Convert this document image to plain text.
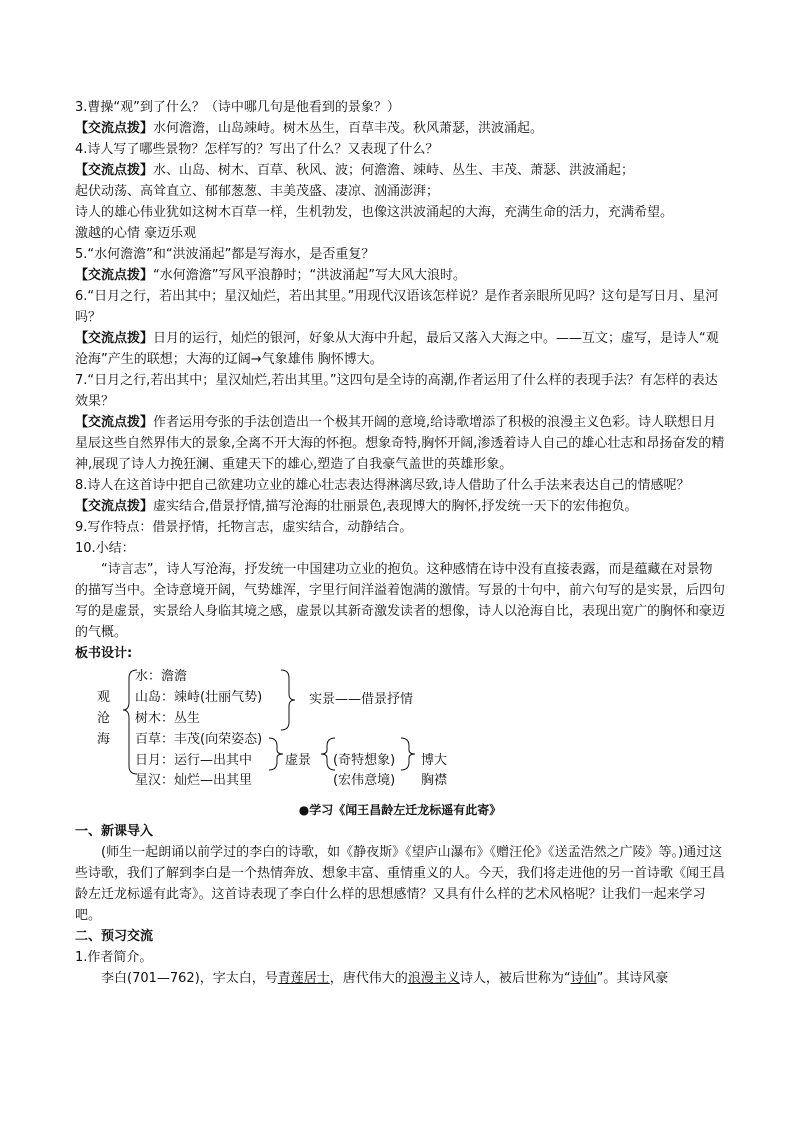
3.曹操“观”到了什么？（诗中哪几句是他看到的景象？）

【交流点拨】水何澹澹，山岛竦峙。树木丛生，百草丰茂。秋风萧瑟，洪波涌起。

4.诗人写了哪些景物？怎样写的？写出了什么？又表现了什么？

【交流点拨】水、山岛、树木、百草、秋风、波；何澹澹、竦峙、丛生、丰茂、萧瑟、洪波涌起；

起伏动荡、高耸直立、郁郁葱葱、丰美茂盛、凄凉、汹涌澎湃；

诗人的雄心伟业犹如这树木百草一样，生机勃发，也像这洪波涌起的大海，充满生命的活力，充满希望。

激越的心情 豪迈乐观

5.“水何澹澹”和“洪波涌起”都是写海水，是否重复？

【交流点拨】“水何澹澹”写风平浪静时；“洪波涌起”写大风大浪时。

6.“日月之行，若出其中；星汉灿烂，若出其里。”用现代汉语该怎样说？是作者亲眼所见吗？这句是写日月、星河吗？

【交流点拨】日月的运行，灿烂的银河，好象从大海中升起，最后又落入大海之中。——互文；虚写，是诗人“观沧海”产生的联想；大海的辽阔→气象雄伟 胸怀博大。

7.“日月之行,若出其中；星汉灿烂,若出其里。”这四句是全诗的高潮,作者运用了什么样的表现手法？有怎样的表达效果？

【交流点拨】作者运用夸张的手法创造出一个极其开阔的意境,给诗歌增添了积极的浪漫主义色彩。诗人联想日月星辰这些自然界伟大的景象,全离不开大海的怀抱。想象奇特,胸怀开阔,渗透着诗人自己的雄心壮志和昂扬奋发的精神,展现了诗人力挽狂澜、重建天下的雄心,塑造了自我豪气盖世的英雄形象。

8.诗人在这首诗中把自己欲建功立业的雄心壮志表达得淋漓尽致,诗人借助了什么手法来表达自己的情感呢？

【交流点拨】虚实结合,借景抒情,描写沧海的壮丽景色,表现博大的胸怀,抒发统一天下的宏伟抱负。

9.写作特点：借景抒情，托物言志，虚实结合，动静结合。

10.小结：

“诗言志”，诗人写沧海，抒发统一中国建功立业的抱负。这种感情在诗中没有直接表露，而是蕴藏在对景物的描写当中。全诗意境开阔，气势雄浑，字里行间洋溢着饱满的激情。写景的十句中，前六句写的是实景，后四句写的是虚景，实景给人身临其境之感，虚景以其新奇激发读者的想像，诗人以沧海自比，表现出宽广的胸怀和豪迈的气概。

板书设计:

观
沧
海
水：澹澹
山岛：竦峙(壮丽气势)
树木：丛生
百草：丰茂(向荣姿态)
日月：运行—出其中
星汉：灿烂—出其里
实景——借景抒情
虚景 (奇特想象)
(宏伟意境)
博大
胸襟
●学习《闻王昌龄左迁龙标遥有此寄》

一、新课导入

(师生一起朗诵以前学过的李白的诗歌，如《静夜斯》《望庐山瀑布》《赠汪伦》《送孟浩然之广陵》等。)通过这些诗歌，我们了解到李白是一个热情奔放、想象丰富、重情重义的人。今天，我们将走进他的另一首诗歌《闻王昌龄左迁龙标遥有此寄》。这首诗表现了李白什么样的思想感情？又具有什么样的艺术风格呢？让我们一起来学习吧。

二、预习交流

1.作者简介。

李白(701—762)，字太白，号青莲居士，唐代伟大的浪漫主义诗人，被后世称为“诗仙”。其诗风豪
